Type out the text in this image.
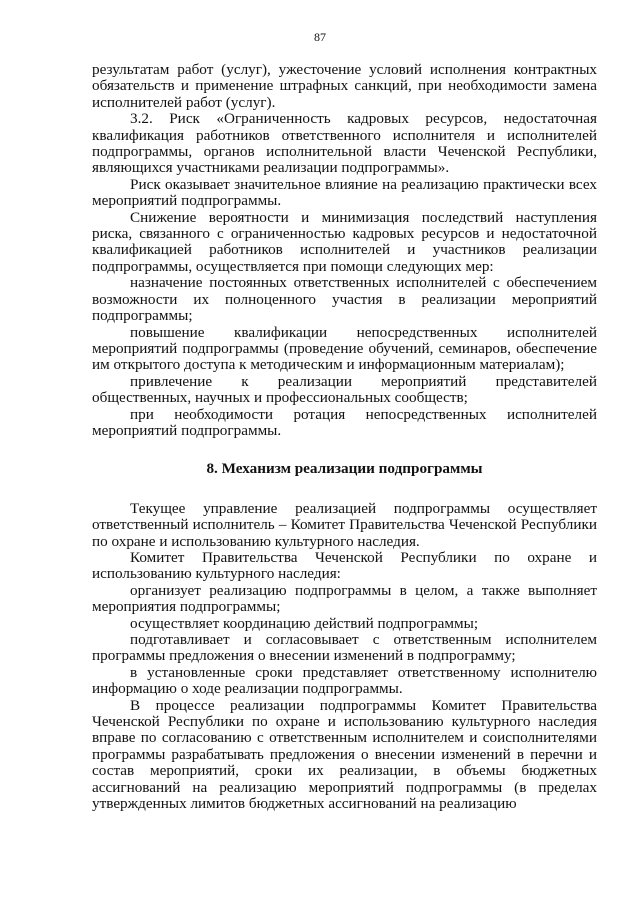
87

результатам работ (услуг), ужесточение условий исполнения контрактных обязательств и применение штрафных санкций, при необходимости замена исполнителей работ (услуг).

3.2. Риск «Ограниченность кадровых ресурсов, недостаточная квалификация работников ответственного исполнителя и исполнителей подпрограммы, органов исполнительной власти Чеченской Республики, являющихся участниками реализации подпрограммы».

Риск оказывает значительное влияние на реализацию практически всех мероприятий подпрограммы.

Снижение вероятности и минимизация последствий наступления риска, связанного с ограниченностью кадровых ресурсов и недостаточной квалификацией работников исполнителей и участников реализации подпрограммы, осуществляется при помощи следующих мер:

назначение постоянных ответственных исполнителей с обеспечением возможности их полноценного участия в реализации мероприятий подпрограммы;

повышение квалификации непосредственных исполнителей мероприятий подпрограммы (проведение обучений, семинаров, обеспечение им открытого доступа к методическим и информационным материалам);

привлечение к реализации мероприятий представителей общественных, научных и профессиональных сообществ;

при необходимости ротация непосредственных исполнителей мероприятий подпрограммы.

8. Механизм реализации подпрограммы

Текущее управление реализацией подпрограммы осуществляет ответственный исполнитель – Комитет Правительства Чеченской Республики по охране и использованию культурного наследия.

Комитет Правительства Чеченской Республики по охране и использованию культурного наследия:

организует реализацию подпрограммы в целом, а также выполняет мероприятия подпрограммы;

осуществляет координацию действий подпрограммы;

подготавливает и согласовывает с ответственным исполнителем программы предложения о внесении изменений в подпрограмму;

в установленные сроки представляет ответственному исполнителю информацию о ходе реализации подпрограммы.

В процессе реализации подпрограммы Комитет Правительства Чеченской Республики по охране и использованию культурного наследия вправе по согласованию с ответственным исполнителем и соисполнителями программы разрабатывать предложения о внесении изменений в перечни и состав мероприятий, сроки их реализации, в объемы бюджетных ассигнований на реализацию мероприятий подпрограммы (в пределах утвержденных лимитов бюджетных ассигнований на реализацию
